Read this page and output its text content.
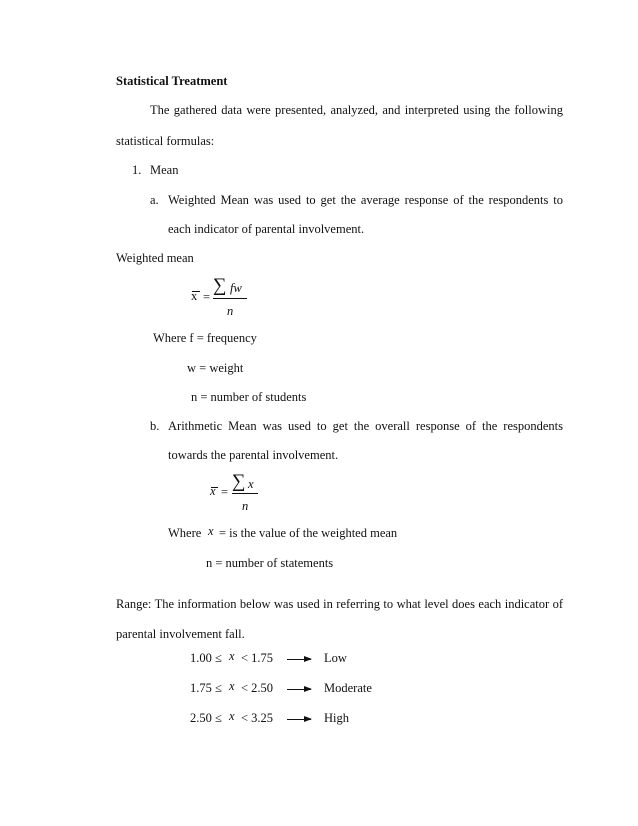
Statistical Treatment
The gathered data were presented, analyzed, and interpreted using the following
statistical formulas:
1. Mean
a. Weighted Mean was used to get the average response of the respondents to
each indicator of parental involvement.
Weighted mean
x =
∑ fw
n
Where f = frequency
w = weight
n = number of students
b. Arithmetic Mean was used to get the overall response of the respondents
towards the parental involvement.
x = ∑ x
n
Where x = is the value of the weighted mean
n = number of statements
Range: The information below was used in referring to what level does each indicator of
parental involvement fall.
1.00 ≤ x < 1.75	Low
1.75 ≤ x < 2.50	Moderate
2.50 ≤ x < 3.25	High
